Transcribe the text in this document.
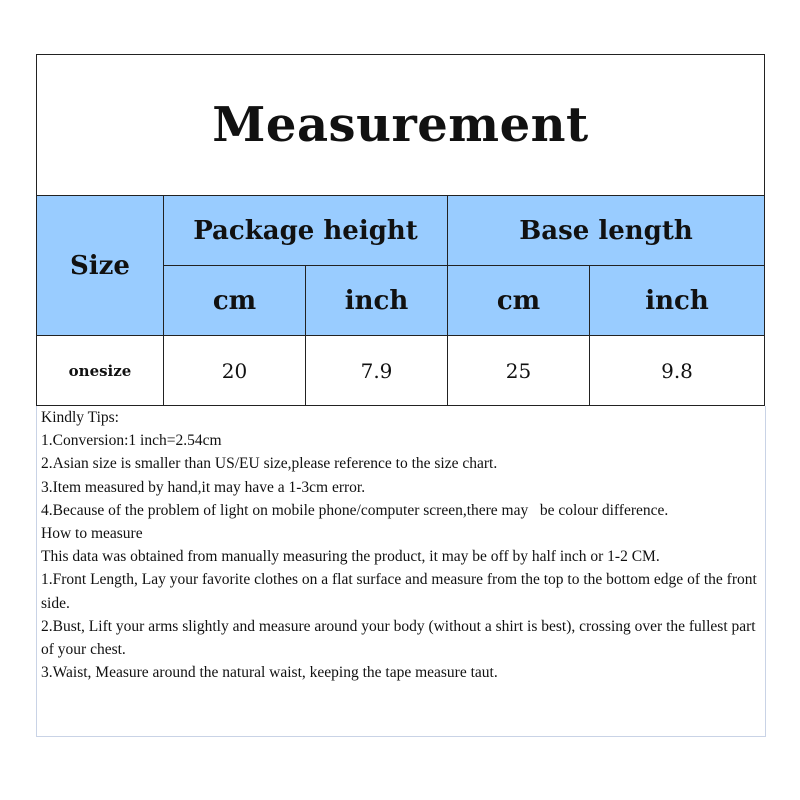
Measurement				
Size	Package height		Base length	
	cm	inch	cm	inch
onesize	20	7.9	25	9.8

Kindly Tips:

1.Conversion:1 inch=2.54cm

2.Asian size is smaller than US/EU size,please reference to the size chart.

3.Item measured by hand,it may have a 1-3cm error.

4.Because of the problem of light on mobile phone/computer screen,there may   be colour difference.

How to measure

This data was obtained from manually measuring the product, it may be off by half inch or 1-2 CM.

1.Front Length, Lay your favorite clothes on a flat surface and measure from the top to the bottom edge of the front side.

2.Bust, Lift your arms slightly and measure around your body (without a shirt is best), crossing over the fullest part of your chest.

3.Waist, Measure around the natural waist, keeping the tape measure taut.
